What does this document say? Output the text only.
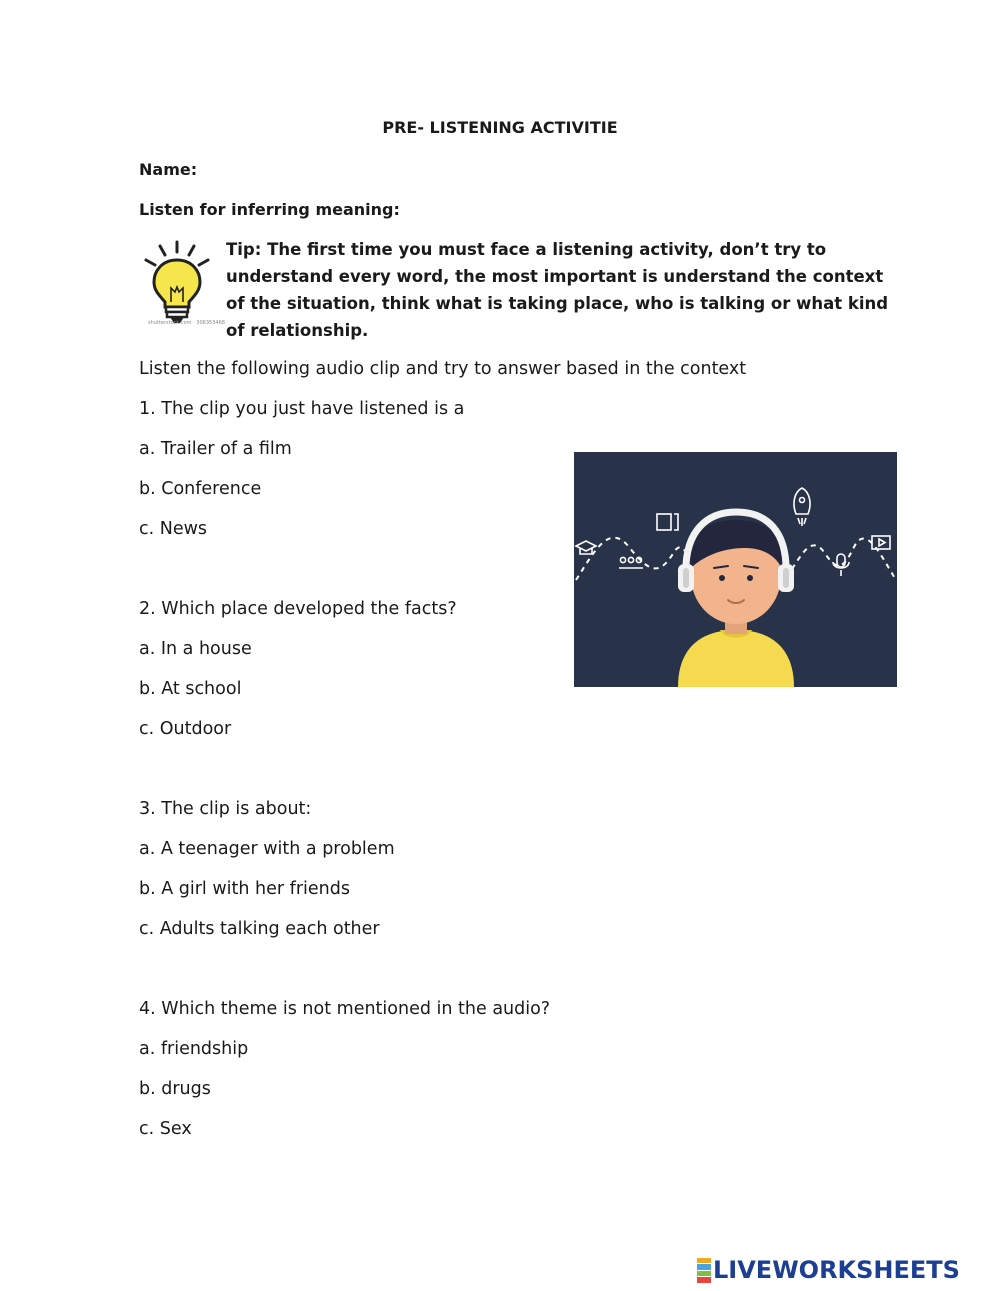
PRE- LISTENING ACTIVITIE
Name:
Listen for inferring meaning:
shutterstock.com · 306353468
Tip: The first time you must face a listening activity, don’t try to
understand every word, the most important is understand the context
of the situation, think what is taking place, who is talking or what kind
of relationship.
Listen the following audio clip and try to answer based in the context
1. The clip you just have listened is a
a. Trailer of a film
b. Conference
c. News
2. Which place developed the facts?
a. In a house
b. At school
c. Outdoor
3. The clip is about:
a. A teenager with a problem
b. A girl with her friends
c. Adults talking each other
4. Which theme is not mentioned in the audio?
a. friendship
b. drugs
c. Sex
LIVEWORKSHEETS
